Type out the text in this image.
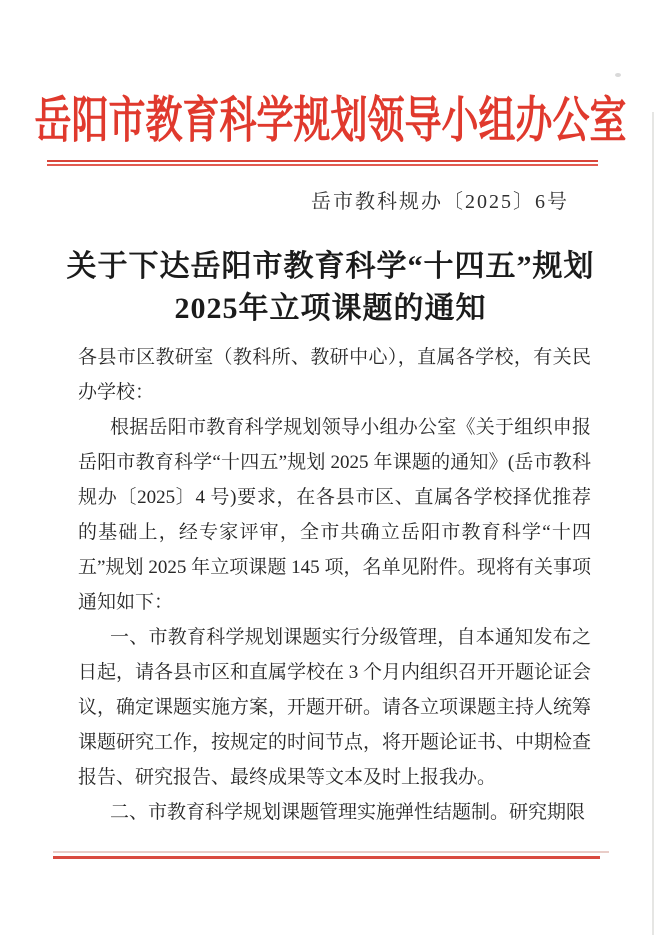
岳阳市教育科学规划领导小组办公室
岳市教科规办〔2025〕6号
关于下达岳阳市教育科学“十四五”规划
2025年立项课题的通知

各县市区教研室（教科所、教研中心），直属各学校，有关民办学校：

根据岳阳市教育科学规划领导小组办公室《关于组织申报岳阳市教育科学“十四五”规划 2025 年课题的通知》(岳市教科规办〔2025〕4 号)要求，在各县市区、直属各学校择优推荐的基础上，经专家评审，全市共确立岳阳市教育科学“十四五”规划 2025 年立项课题 145 项，名单见附件。现将有关事项通知如下：

一、市教育科学规划课题实行分级管理，自本通知发布之日起，请各县市区和直属学校在 3 个月内组织召开开题论证会议，确定课题实施方案，开题开研。请各立项课题主持人统筹课题研究工作，按规定的时间节点，将开题论证书、中期检查报告、研究报告、最终成果等文本及时上报我办。

二、市教育科学规划课题管理实施弹性结题制。研究期限
